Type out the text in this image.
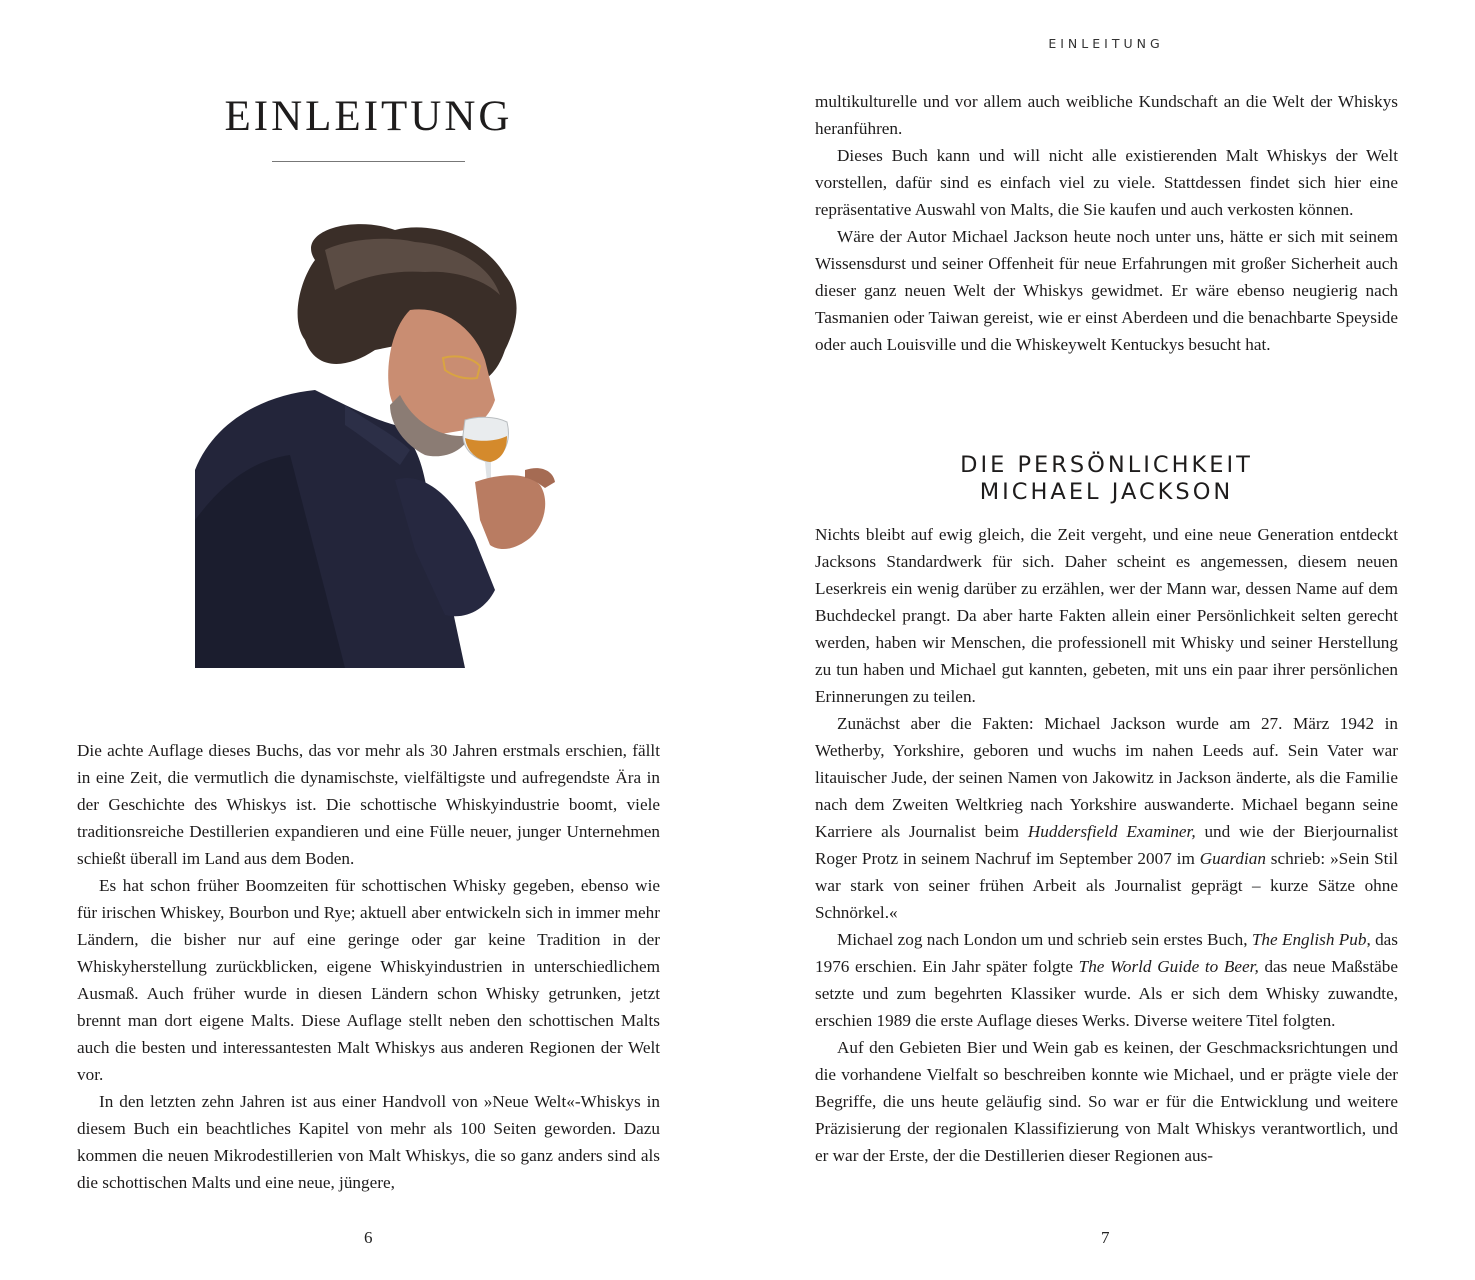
EINLEITUNG

Die achte Auflage dieses Buchs, das vor mehr als 30 Jahren erstmals erschien, fällt in eine Zeit, die vermutlich die dynamischste, vielfältigste und aufregendste Ära in der Geschichte des Whiskys ist. Die schottische Whiskyindustrie boomt, viele traditionsreiche Destillerien expandieren und eine Fülle neuer, junger Unternehmen schießt überall im Land aus dem Boden.

Es hat schon früher Boomzeiten für schottischen Whisky gegeben, ebenso wie für irischen Whiskey, Bourbon und Rye; aktuell aber entwickeln sich in immer mehr Ländern, die bisher nur auf eine geringe oder gar keine Tradition in der Whiskyherstellung zurückblicken, eigene Whiskyindustrien in unterschiedlichem Ausmaß. Auch früher wurde in diesen Ländern schon Whisky getrunken, jetzt brennt man dort eigene Malts. Diese Auflage stellt neben den schottischen Malts auch die besten und interessantesten Malt Whiskys aus anderen Regionen der Welt vor.

In den letzten zehn Jahren ist aus einer Handvoll von »Neue Welt«-Whiskys in diesem Buch ein beachtliches Kapitel von mehr als 100 Seiten geworden. Dazu kommen die neuen Mikrodestillerien von Malt Whiskys, die so ganz anders sind als die schottischen Malts und eine neue, jüngere,

6
EINLEITUNG

multikulturelle und vor allem auch weibliche Kundschaft an die Welt der Whiskys heranführen.

Dieses Buch kann und will nicht alle existierenden Malt Whiskys der Welt vorstellen, dafür sind es einfach viel zu viele. Stattdessen findet sich hier eine repräsentative Auswahl von Malts, die Sie kaufen und auch verkosten können.

Wäre der Autor Michael Jackson heute noch unter uns, hätte er sich mit seinem Wissensdurst und seiner Offenheit für neue Erfahrungen mit großer Sicherheit auch dieser ganz neuen Welt der Whiskys gewidmet. Er wäre ebenso neugierig nach Tasmanien oder Taiwan gereist, wie er einst Aberdeen und die benachbarte Speyside oder auch Louisville und die Whiskeywelt Kentuckys besucht hat.

DIE PERSÖNLICHKEIT
MICHAEL JACKSON

Nichts bleibt auf ewig gleich, die Zeit vergeht, und eine neue Generation entdeckt Jacksons Standardwerk für sich. Daher scheint es angemessen, diesem neuen Leserkreis ein wenig darüber zu erzählen, wer der Mann war, dessen Name auf dem Buchdeckel prangt. Da aber harte Fakten allein einer Persönlichkeit selten gerecht werden, haben wir Menschen, die professionell mit Whisky und seiner Herstellung zu tun haben und Michael gut kannten, gebeten, mit uns ein paar ihrer persönlichen Erinnerungen zu teilen.

Zunächst aber die Fakten: Michael Jackson wurde am 27. März 1942 in Wetherby, Yorkshire, geboren und wuchs im nahen Leeds auf. Sein Vater war litauischer Jude, der seinen Namen von Jakowitz in Jackson änderte, als die Familie nach dem Zweiten Weltkrieg nach Yorkshire auswanderte. Michael begann seine Karriere als Journalist beim Huddersfield Examiner, und wie der Bierjournalist Roger Protz in seinem Nachruf im September 2007 im Guardian schrieb: »Sein Stil war stark von seiner frühen Arbeit als Journalist geprägt – kurze Sätze ohne Schnörkel.«

Michael zog nach London um und schrieb sein erstes Buch, The English Pub, das 1976 erschien. Ein Jahr später folgte The World Guide to Beer, das neue Maßstäbe setzte und zum begehrten Klassiker wurde. Als er sich dem Whisky zuwandte, erschien 1989 die erste Auflage dieses Werks. Diverse weitere Titel folgten.

Auf den Gebieten Bier und Wein gab es keinen, der Geschmacksrichtungen und die vorhandene Vielfalt so beschreiben konnte wie Michael, und er prägte viele der Begriffe, die uns heute geläufig sind. So war er für die Entwicklung und weitere Präzisierung der regionalen Klassifizierung von Malt Whiskys verantwortlich, und er war der Erste, der die Destillerien dieser Regionen aus-

7
